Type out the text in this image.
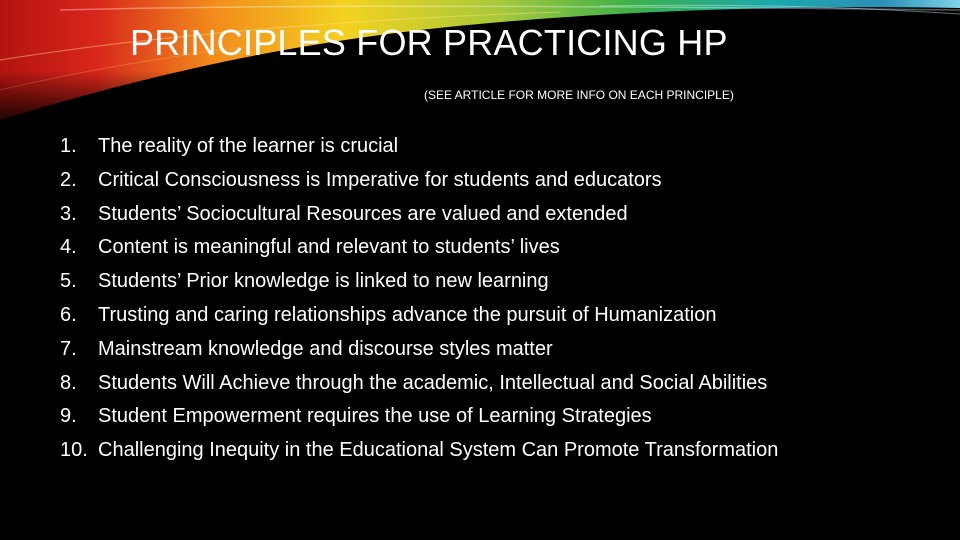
PRINCIPLES FOR PRACTICING HP
(SEE ARTICLE FOR MORE INFO ON EACH PRINCIPLE)
1.	The reality of the learner is crucial
2.	Critical Consciousness is Imperative for students and educators
3.	Students’ Sociocultural Resources are valued and extended
4.	Content is meaningful and relevant to students’ lives
5.	Students’ Prior knowledge is linked to new learning
6.	Trusting and caring relationships advance the pursuit of Humanization
7.	Mainstream knowledge and discourse styles matter
8.	Students Will Achieve through the academic, Intellectual and Social Abilities
9.	Student Empowerment requires the use of Learning Strategies
10. Challenging Inequity in the Educational System Can Promote Transformation
